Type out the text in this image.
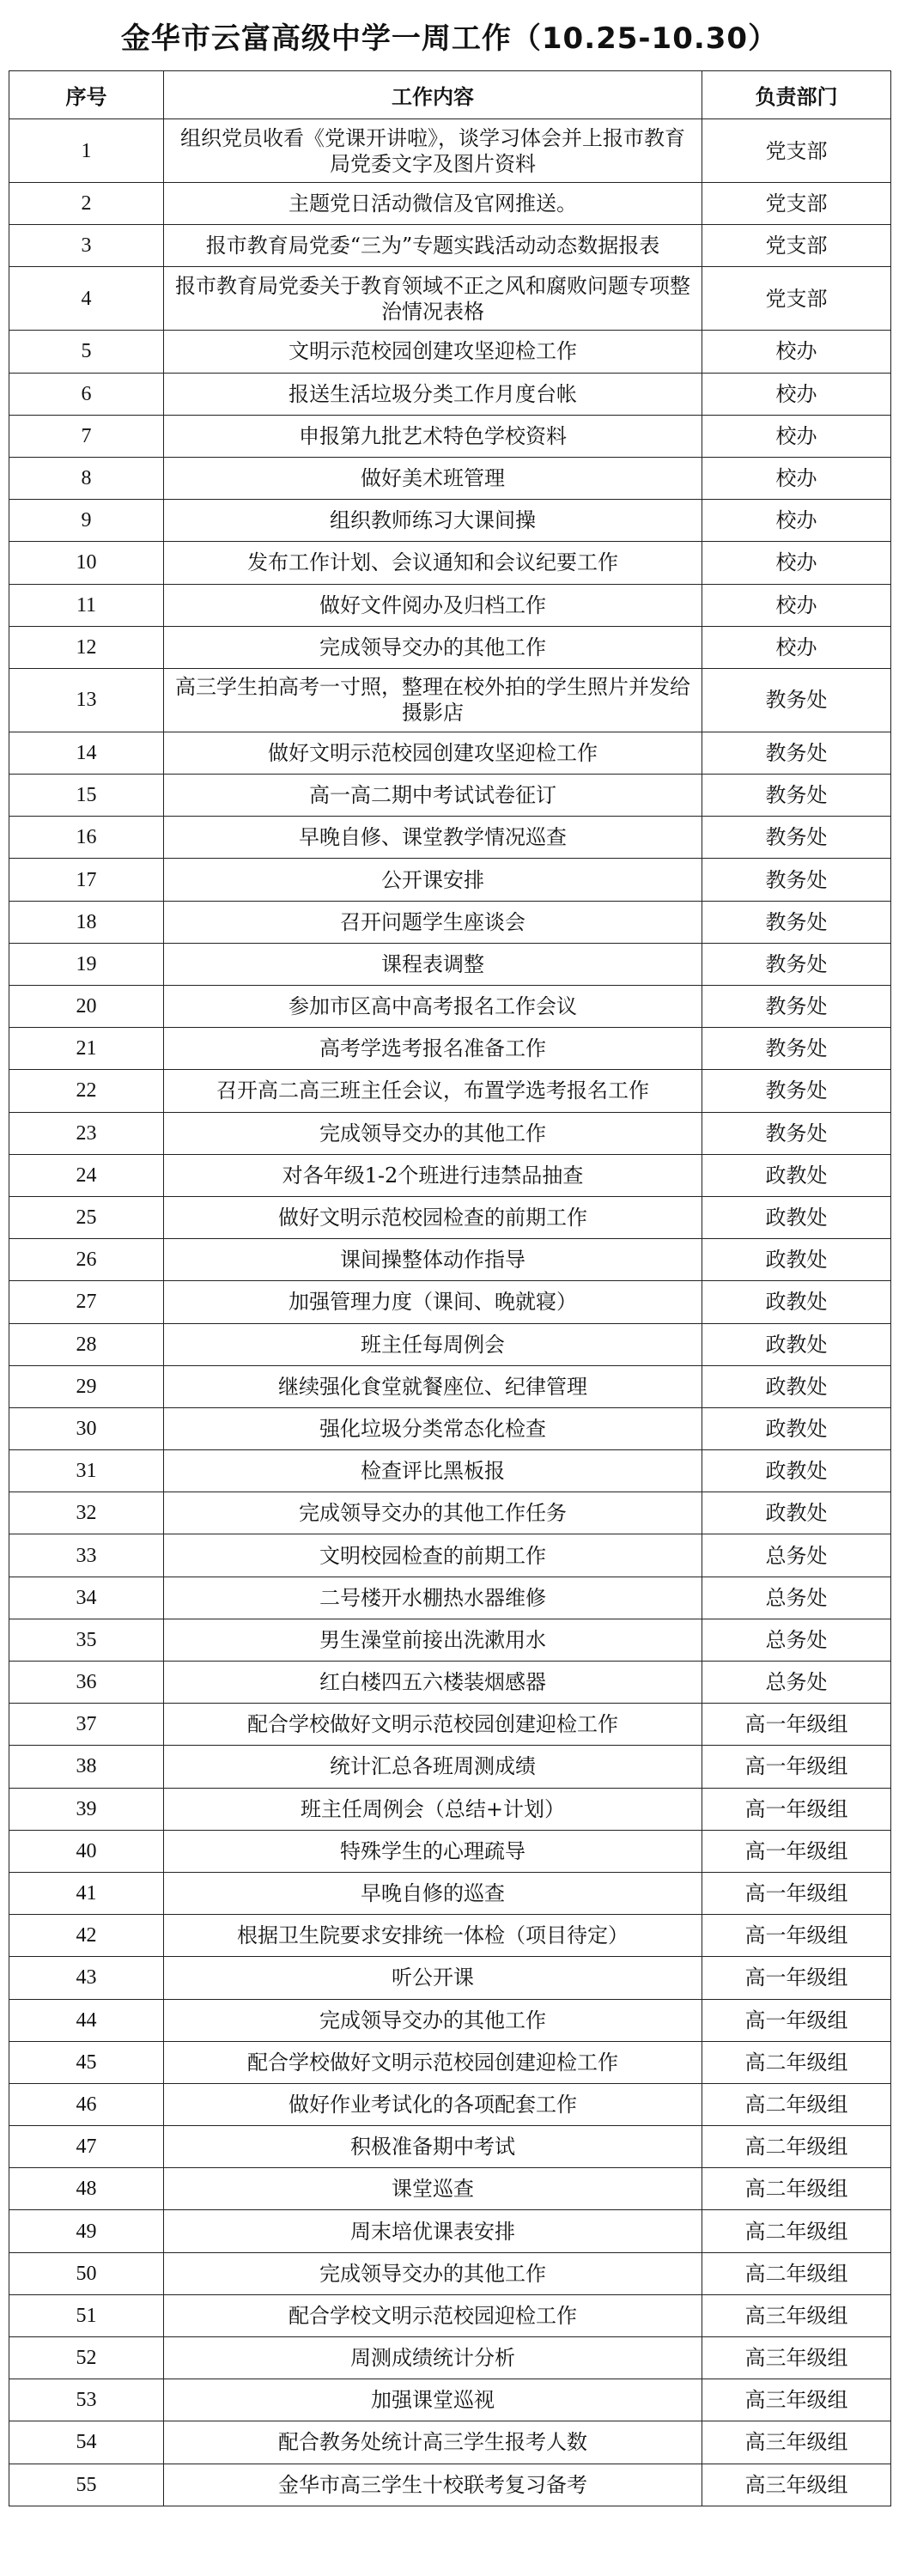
金华市云富高级中学一周工作（10.25-10.30）
序号	工作内容	负责部门
1	组织党员收看《党课开讲啦》，谈学习体会并上报市教育局党委文字及图片资料	党支部
2	主题党日活动微信及官网推送。	党支部
3	报市教育局党委“三为”专题实践活动动态数据报表	党支部
4	报市教育局党委关于教育领域不正之风和腐败问题专项整治情况表格	党支部
5	文明示范校园创建攻坚迎检工作	校办
6	报送生活垃圾分类工作月度台帐	校办
7	申报第九批艺术特色学校资料	校办
8	做好美术班管理	校办
9	组织教师练习大课间操	校办
10	发布工作计划、会议通知和会议纪要工作	校办
11	做好文件阅办及归档工作	校办
12	完成领导交办的其他工作	校办
13	高三学生拍高考一寸照，整理在校外拍的学生照片并发给摄影店	教务处
14	做好文明示范校园创建攻坚迎检工作	教务处
15	高一高二期中考试试卷征订	教务处
16	早晚自修、课堂教学情况巡查	教务处
17	公开课安排	教务处
18	召开问题学生座谈会	教务处
19	课程表调整	教务处
20	参加市区高中高考报名工作会议	教务处
21	高考学选考报名准备工作	教务处
22	召开高二高三班主任会议，布置学选考报名工作	教务处
23	完成领导交办的其他工作	教务处
24	对各年级1-2个班进行违禁品抽查	政教处
25	做好文明示范校园检查的前期工作	政教处
26	课间操整体动作指导	政教处
27	加强管理力度（课间、晚就寝）	政教处
28	班主任每周例会	政教处
29	继续强化食堂就餐座位、纪律管理	政教处
30	强化垃圾分类常态化检查	政教处
31	检查评比黑板报	政教处
32	完成领导交办的其他工作任务	政教处
33	文明校园检查的前期工作	总务处
34	二号楼开水棚热水器维修	总务处
35	男生澡堂前接出洗漱用水	总务处
36	红白楼四五六楼装烟感器	总务处
37	配合学校做好文明示范校园创建迎检工作	高一年级组
38	统计汇总各班周测成绩	高一年级组
39	班主任周例会（总结+计划）	高一年级组
40	特殊学生的心理疏导	高一年级组
41	早晚自修的巡查	高一年级组
42	根据卫生院要求安排统一体检（项目待定）	高一年级组
43	听公开课	高一年级组
44	完成领导交办的其他工作	高一年级组
45	配合学校做好文明示范校园创建迎检工作	高二年级组
46	做好作业考试化的各项配套工作	高二年级组
47	积极准备期中考试	高二年级组
48	课堂巡查	高二年级组
49	周末培优课表安排	高二年级组
50	完成领导交办的其他工作	高二年级组
51	配合学校文明示范校园迎检工作	高三年级组
52	周测成绩统计分析	高三年级组
53	加强课堂巡视	高三年级组
54	配合教务处统计高三学生报考人数	高三年级组
55	金华市高三学生十校联考复习备考	高三年级组
